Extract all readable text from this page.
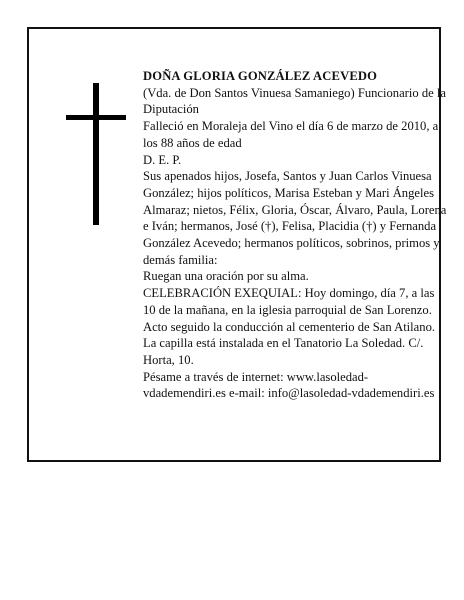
DOÑA GLORIA GONZÁLEZ ACEVEDO

(Vda. de Don Santos Vinuesa Samaniego) Funcionario de la Diputación

Falleció en Moraleja del Vino el día 6 de marzo de 2010, a los 88 años de edad

D. E. P.

Sus apenados hijos, Josefa, Santos y Juan Carlos Vinuesa González; hijos políticos, Marisa Esteban y Mari Ángeles Almaraz; nietos, Félix, Gloria, Óscar, Álvaro, Paula, Lorena e Iván; hermanos, José (†), Felisa, Placidia (†) y Fernanda González Acevedo; hermanos políticos, sobrinos, primos y demás familia:

Ruegan una oración por su alma.

CELEBRACIÓN EXEQUIAL: Hoy domingo, día 7, a las 10 de la mañana, en la iglesia parroquial de San Lorenzo. Acto seguido la conducción al cementerio de San Atilano.

La capilla está instalada en el Tanatorio La Soledad. C/. Horta, 10.

Pésame a través de internet: www.lasoledad-vdademendiri.es e-mail: info@lasoledad-vdademendiri.es
